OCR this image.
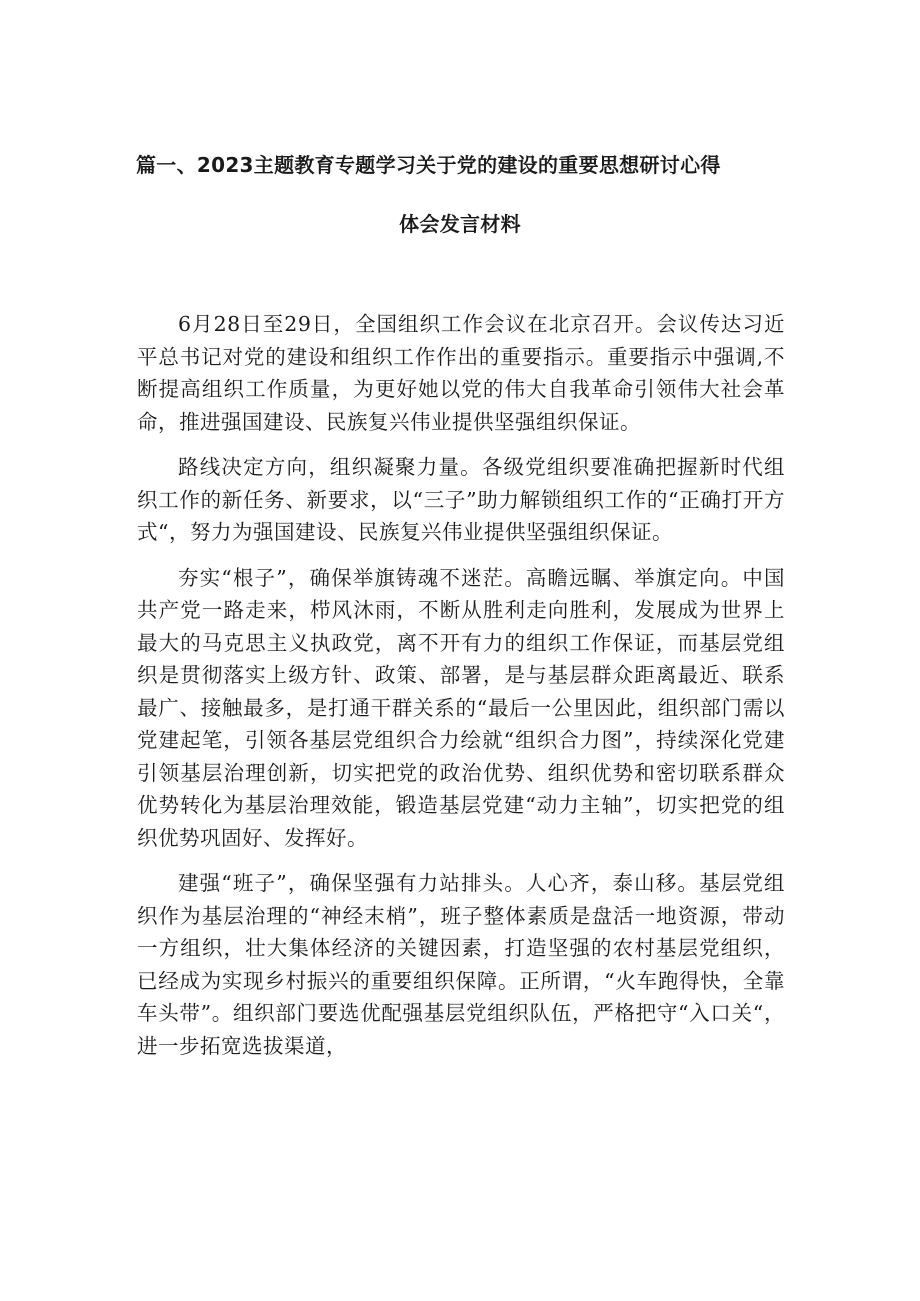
篇一、2023主题教育专题学习关于党的建设的重要思想研讨心得
体会发言材料

6月28日至29日，全国组织工作会议在北京召开。会议传达习近平总书记对党的建设和组织工作作出的重要指示。重要指示中强调,不断提高组织工作质量，为更好她以党的伟大自我革命引领伟大社会革命，推进强国建设、民族复兴伟业提供坚强组织保证。

路线决定方向，组织凝聚力量。各级党组织要准确把握新时代组织工作的新任务、新要求，以“三子”助力解锁组织工作的“正确打开方式“，努力为强国建设、民族复兴伟业提供坚强组织保证。

夯实“根子”，确保举旗铸魂不迷茫。高瞻远瞩、举旗定向。中国共产党一路走来，栉风沐雨，不断从胜利走向胜利，发展成为世界上最大的马克思主义执政党，离不开有力的组织工作保证，而基层党组织是贯彻落实上级方针、政策、部署，是与基层群众距离最近、联系最广、接触最多，是打通干群关系的“最后一公里因此，组织部门需以党建起笔，引领各基层党组织合力绘就“组织合力图”，持续深化党建引领基层治理创新，切实把党的政治优势、组织优势和密切联系群众优势转化为基层治理效能，锻造基层党建“动力主轴”，切实把党的组织优势巩固好、发挥好。

建强“班子”，确保坚强有力站排头。人心齐，泰山移。基层党组织作为基层治理的“神经末梢”，班子整体素质是盘活一地资源，带动一方组织，壮大集体经济的关键因素，打造坚强的农村基层党组织，已经成为实现乡村振兴的重要组织保障。正所谓，“火车跑得快，全靠车头带”。组织部门要选优配强基层党组织队伍，严格把守“入口关“，进一步拓宽选拔渠道，
